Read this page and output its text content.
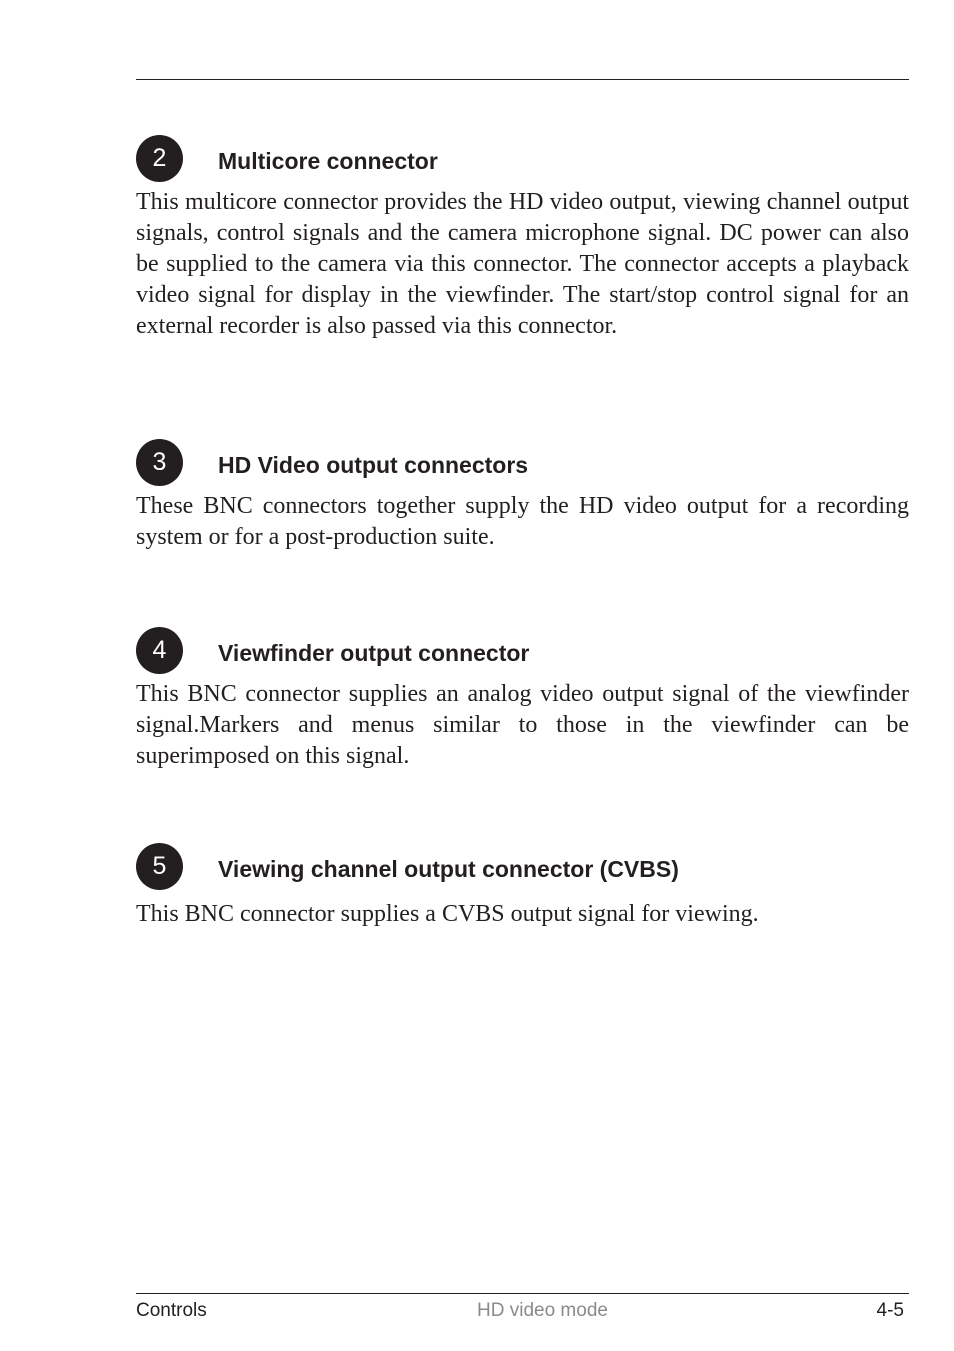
2	Multicore connector

This multicore connector provides the HD video output, viewing channel output signals, control signals and the camera microphone signal. DC power can also be supplied to the camera via this connector. The connector accepts a playback video signal for display in the viewfinder. The start/stop control signal for an external recorder is also passed via this connector.

3	HD Video output connectors

These BNC connectors together supply the HD video output for a recording system or for a post-production suite.

4	Viewfinder output connector

This BNC connector supplies an analog video output signal of the viewfinder signal.Markers and menus similar to those in the viewfinder can be superimposed on this signal.

5	Viewing channel output connector (CVBS)

This BNC connector supplies a CVBS output signal for viewing.

Controls	HD video mode	4-5
